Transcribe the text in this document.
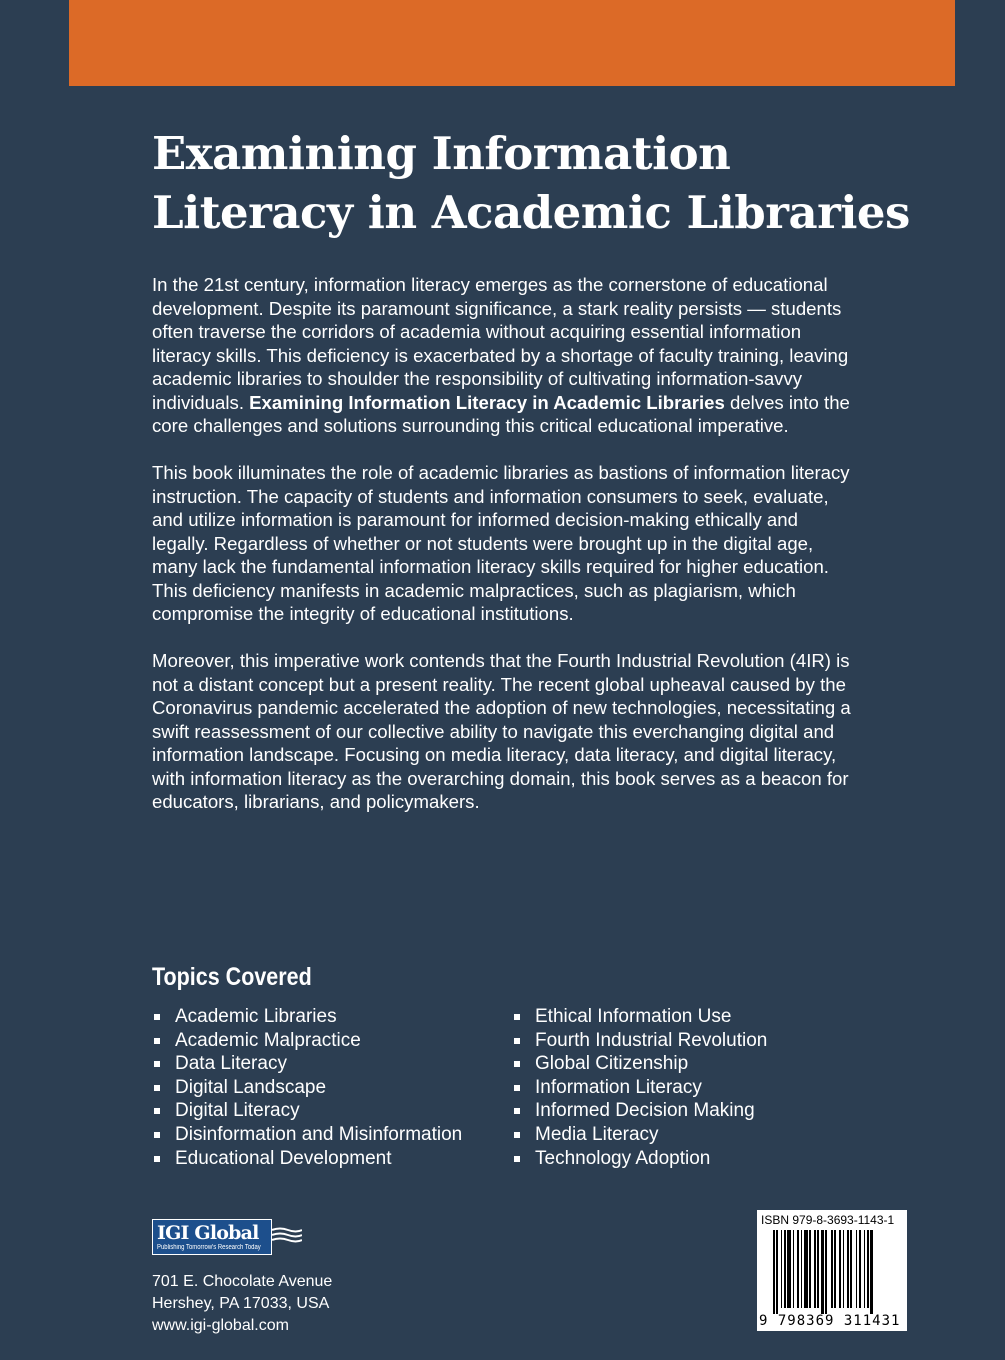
Examining Information
Literacy in Academic Libraries

In the 21st century, information literacy emerges as the cornerstone of educational development. Despite its paramount significance, a stark reality persists — students often traverse the corridors of academia without acquiring essential information literacy skills. This deficiency is exacerbated by a shortage of faculty training, leaving academic libraries to shoulder the responsibility of cultivating information-savvy individuals. Examining Information Literacy in Academic Libraries delves into the core challenges and solutions surrounding this critical educational imperative.

This book illuminates the role of academic libraries as bastions of information literacy instruction. The capacity of students and information consumers to seek, evaluate, and utilize information is paramount for informed decision-making ethically and legally. Regardless of whether or not students were brought up in the digital age, many lack the fundamental information literacy skills required for higher education. This deficiency manifests in academic malpractices, such as plagiarism, which compromise the integrity of educational institutions.

Moreover, this imperative work contends that the Fourth Industrial Revolution (4IR) is not a distant concept but a present reality. The recent global upheaval caused by the Coronavirus pandemic accelerated the adoption of new technologies, necessitating a swift reassessment of our collective ability to navigate this everchanging digital and information landscape. Focusing on media literacy, data literacy, and digital literacy, with information literacy as the overarching domain, this book serves as a beacon for educators, librarians, and policymakers.

Topics Covered
Academic Libraries
Academic Malpractice
Data Literacy
Digital Landscape
Digital Literacy
Disinformation and Misinformation
Educational Development
Ethical Information Use
Fourth Industrial Revolution
Global Citizenship
Information Literacy
Informed Decision Making
Media Literacy
Technology Adoption
IGI Global
Publishing Tomorrow's Research Today
701 E. Chocolate Avenue
Hershey, PA 17033, USA
www.igi-global.com
ISBN 979-8-3693-1143-1
9 798369 311431
